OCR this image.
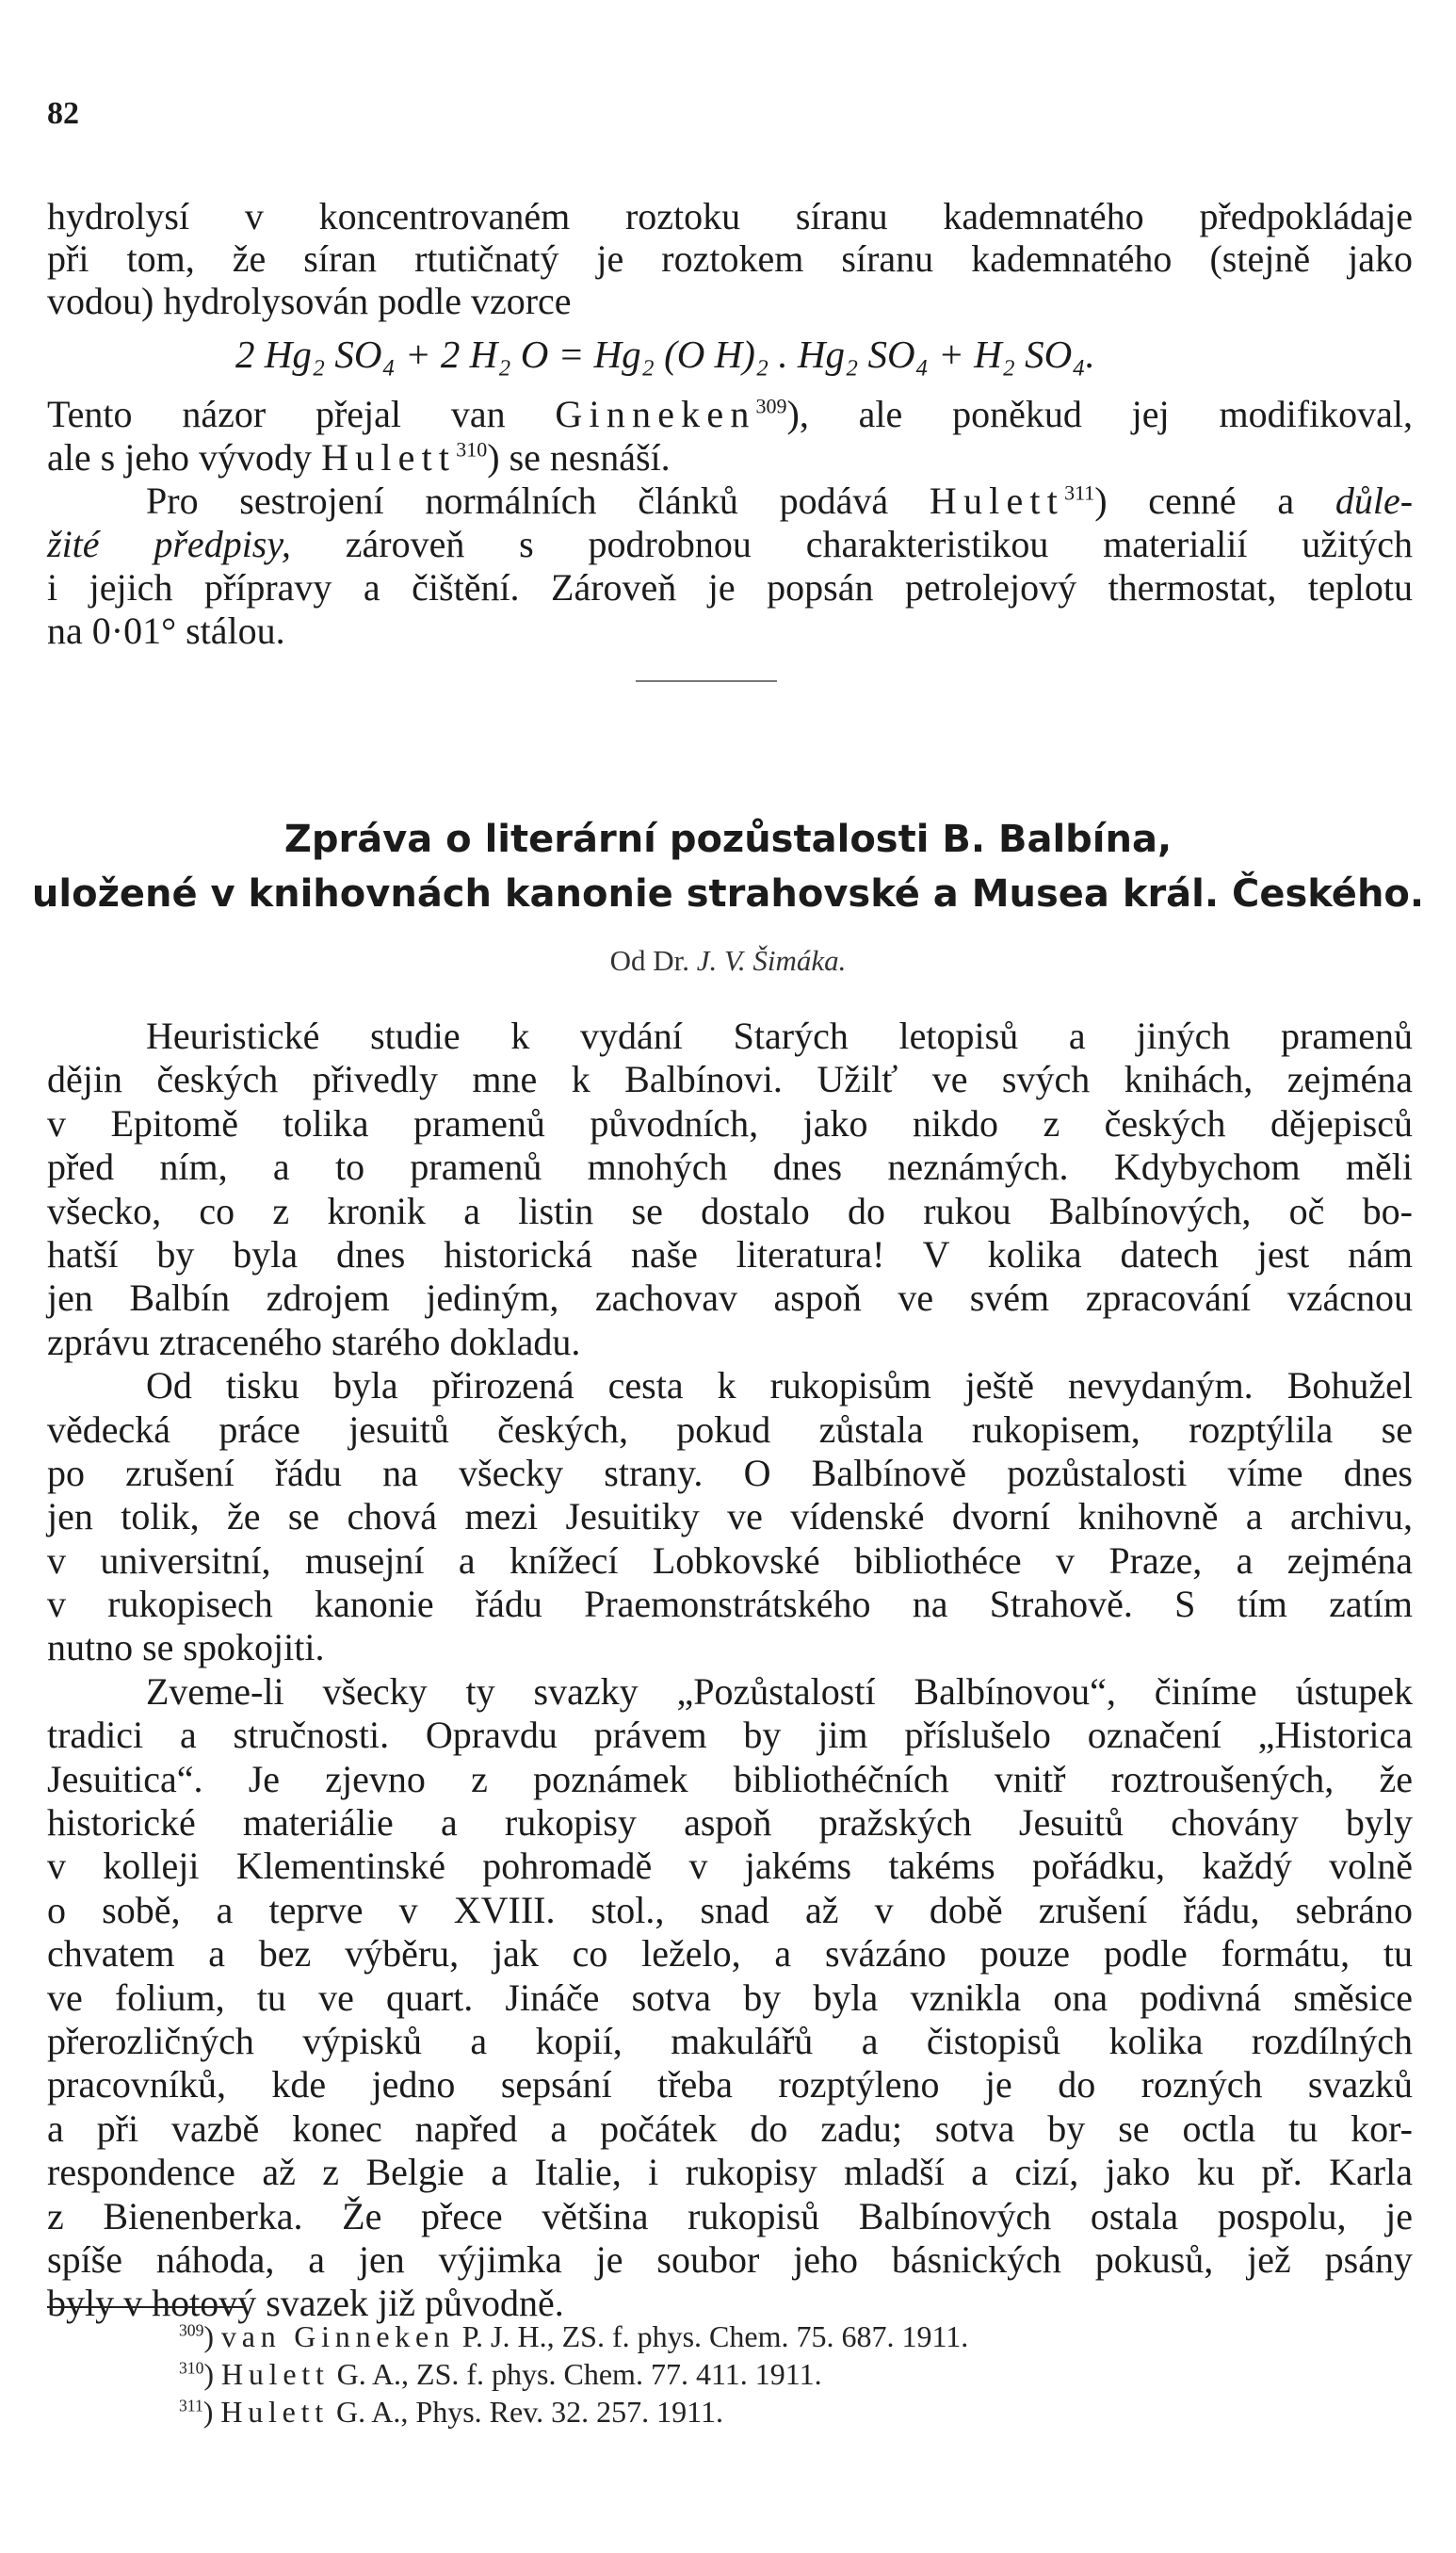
82
hydrolysí v koncentrovaném roztoku síranu kademnatého předpokládaje
při tom, že síran rtutičnatý je roztokem síranu kademnatého (stejně jako
vodou) hydrolysován podle vzorce
2 Hg₂ SO₄ + 2 H₂ O = Hg₂ (O H)₂ . Hg₂ SO₄ + H₂ SO₄.
Tento názor přejal van Ginneken$^{309}$), ale poněkud jej modifikoval,
ale s jeho vývody Hulett$^{310}$) se nesnáší.
Pro sestrojení normálních článků podává Hulett$^{311}$) cenné a důle-
žité předpisy, zároveň s podrobnou charakteristikou materialií užitých
i jejich přípravy a čištění. Zároveň je popsán petrolejový thermostat, teplotu
na 0·01° stálou.
Zpráva o literární pozůstalosti B. Balbína,
uložené v knihovnách kanonie strahovské a Musea král. Českého.
Od Dr. J. V. Šimáka.
Heuristické studie k vydání Starých letopisů a jiných pramenů
dějin českých přivedly mne k Balbínovi. Užilť ve svých knihách, zejména
v Epitomě tolika pramenů původních, jako nikdo z českých dějepisců
před ním, a to pramenů mnohých dnes neznámých. Kdybychom měli
všecko, co z kronik a listin se dostalo do rukou Balbínových, oč bo-
hatší by byla dnes historická naše literatura! V kolika datech jest nám
jen Balbín zdrojem jediným, zachovav aspoň ve svém zpracování vzácnou
zprávu ztraceného starého dokladu.
Od tisku byla přirozená cesta k rukopisům ještě nevydaným. Bohužel
vědecká práce jesuitů českých, pokud zůstala rukopisem, rozptýlila se
po zrušení řádu na všecky strany. O Balbínově pozůstalosti víme dnes
jen tolik, že se chová mezi Jesuitiky ve vídenské dvorní knihovně a archivu,
v universitní, musejní a knížecí Lobkovské bibliothéce v Praze, a zejména
v rukopisech kanonie řádu Praemonstrátského na Strahově. S tím zatím
nutno se spokojiti.
Zveme-li všecky ty svazky „Pozůstalostí Balbínovou“, činíme ústupek
tradici a stručnosti. Opravdu právem by jim příslušelo označení „Historica
Jesuitica“. Je zjevno z poznámek bibliothéčních vnitř roztroušených, že
historické materiálie a rukopisy aspoň pražských Jesuitů chovány byly
v kolleji Klementinské pohromadě v jakéms takéms pořádku, každý volně
o sobě, a teprve v XVIII. stol., snad až v době zrušení řádu, sebráno
chvatem a bez výběru, jak co leželo, a svázáno pouze podle formátu, tu
ve folium, tu ve quart. Jináče sotva by byla vznikla ona podivná směsice
přerozličných výpisků a kopií, makulářů a čistopisů kolika rozdílných
pracovníků, kde jedno sepsání třeba rozptýleno je do rozných svazků
a při vazbě konec napřed a počátek do zadu; sotva by se octla tu kor-
respondence až z Belgie a Italie, i rukopisy mladší a cizí, jako ku př. Karla
z Bienenberka. Že přece většina rukopisů Balbínových ostala pospolu, je
spíše náhoda, a jen výjimka je soubor jeho básnických pokusů, jež psány
byly v hotový svazek již původně.
$^{309}$) van Ginneken P. J. H., ZS. f. phys. Chem. 75. 687. 1911.
$^{310}$) Hulett G. A., ZS. f. phys. Chem. 77. 411. 1911.
$^{311}$) Hulett G. A., Phys. Rev. 32. 257. 1911.
